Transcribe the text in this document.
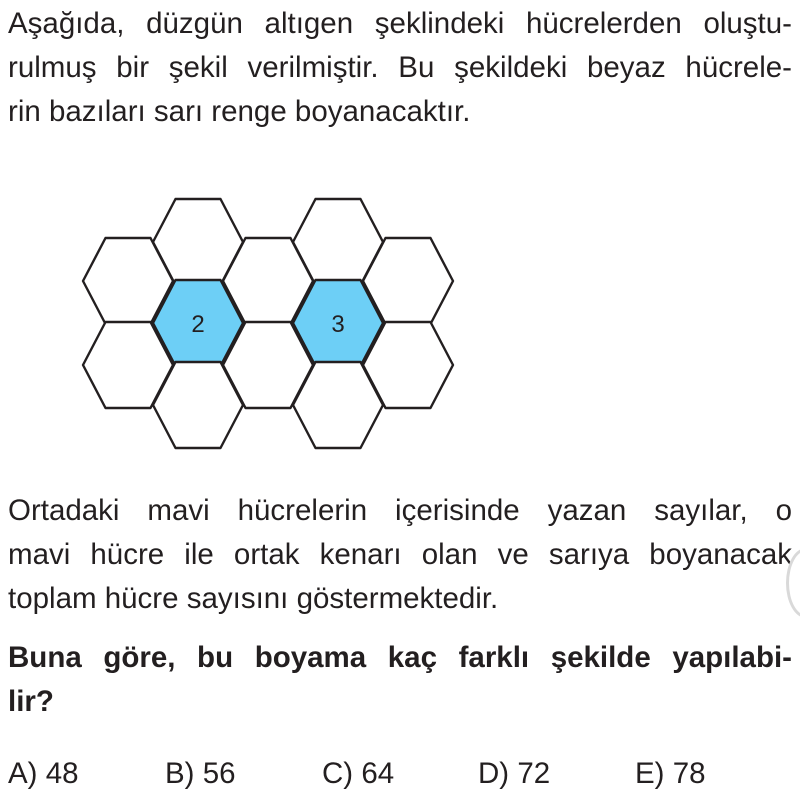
Aşağıda, düzgün altıgen şeklindeki hücrelerden oluştu-
rulmuş bir şekil verilmiştir. Bu şekildeki beyaz hücrele-
rin bazıları sarı renge boyanacaktır.
2	3
Ortadaki mavi hücrelerin içerisinde yazan sayılar, o
mavi hücre ile ortak kenarı olan ve sarıya boyanacak
toplam hücre sayısını göstermektedir.
Buna göre, bu boyama kaç farklı şekilde yapılabi-
lir?
A) 48	B) 56	C) 64	D) 72	E) 78
